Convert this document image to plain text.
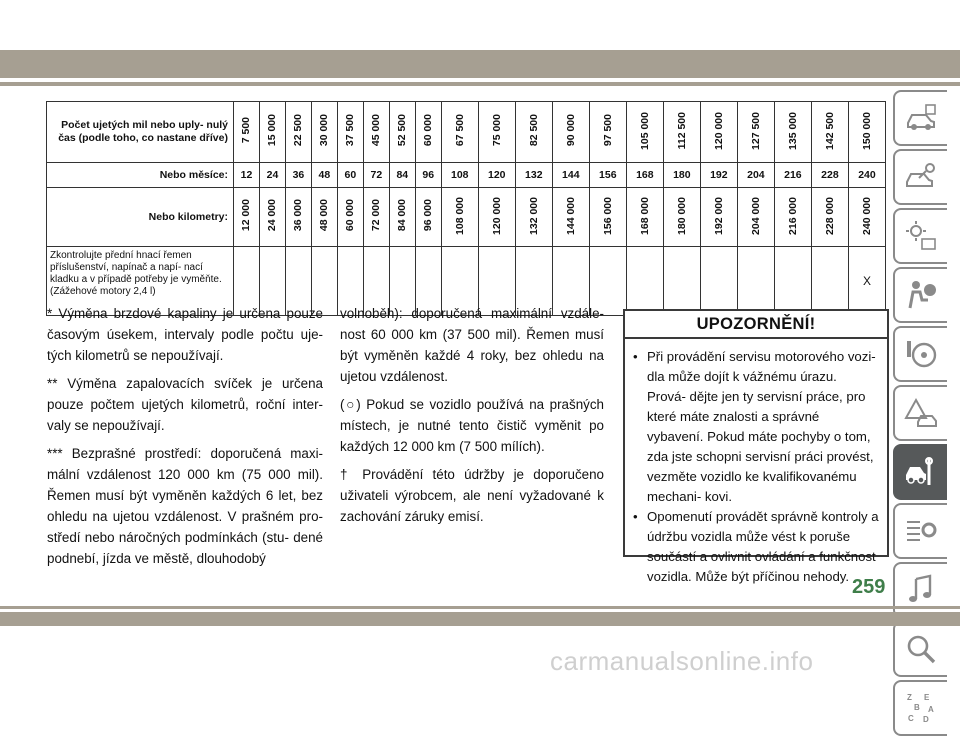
Počet ujetých mil nebo uply- nulý čas (podle toho, co nastane dříve)	7 500	15 000	22 500	30 000	37 500	45 000	52 500	60 000	67 500	75 000	82 500	90 000	97 500	105 000	112 500	120 000	127 500	135 000	142 500	150 000
Nebo měsíce:	12	24	36	48	60	72	84	96	108	120	132	144	156	168	180	192	204	216	228	240
Nebo kilometry:	12 000	24 000	36 000	48 000	60 000	72 000	84 000	96 000	108 000	120 000	132 000	144 000	156 000	168 000	180 000	192 000	204 000	216 000	228 000	240 000
Zkontrolujte přední hnací řemen příslušenství, napínač a napí- nací kladku a v případě potřeby je vyměňte. (Zážehové motory 2,4 l)																				X

* Výměna brzdové kapaliny je určena pouze časovým úsekem, intervaly podle počtu uje- tých kilometrů se nepoužívají.

** Výměna zapalovacích svíček je určena pouze počtem ujetých kilometrů, roční inter- valy se nepoužívají.

*** Bezprašné prostředí: doporučená maxi- mální vzdálenost 120 000 km (75 000 mil). Řemen musí být vyměněn každých 6 let, bez ohledu na ujetou vzdálenost. V prašném pro- středí nebo náročných podmínkách (stu- dené podnebí, jízda ve městě, dlouhodobý

volnoběh): doporučená maximální vzdále- nost 60 000 km (37 500 mil). Řemen musí být vyměněn každé 4 roky, bez ohledu na ujetou vzdálenost.

(○) Pokud se vozidlo používá na prašných místech, je nutné tento čistič vyměnit po každých 12 000 km (7 500 mílích).

† Provádění této údržby je doporučeno uživateli výrobcem, ale není vyžadované k zachování záruky emisí.

UPOZORNĚNÍ!
• Při provádění servisu motorového vozi- dla může dojít k vážnému úrazu. Prová- dějte jen ty servisní práce, pro které máte znalosti a správné vybavení. Pokud máte pochyby o tom, zda jste schopni servisní práci provést, vezměte vozidlo ke kvalifikovanému mechani- kovi.
• Opomenutí provádět správně kontroly a údržbu vozidla může vést k poruše součástí a ovlivnit ovládání a funkčnost vozidla. Může být příčinou nehody.
Z E
B A
C D
259
carmanualsonline.info
